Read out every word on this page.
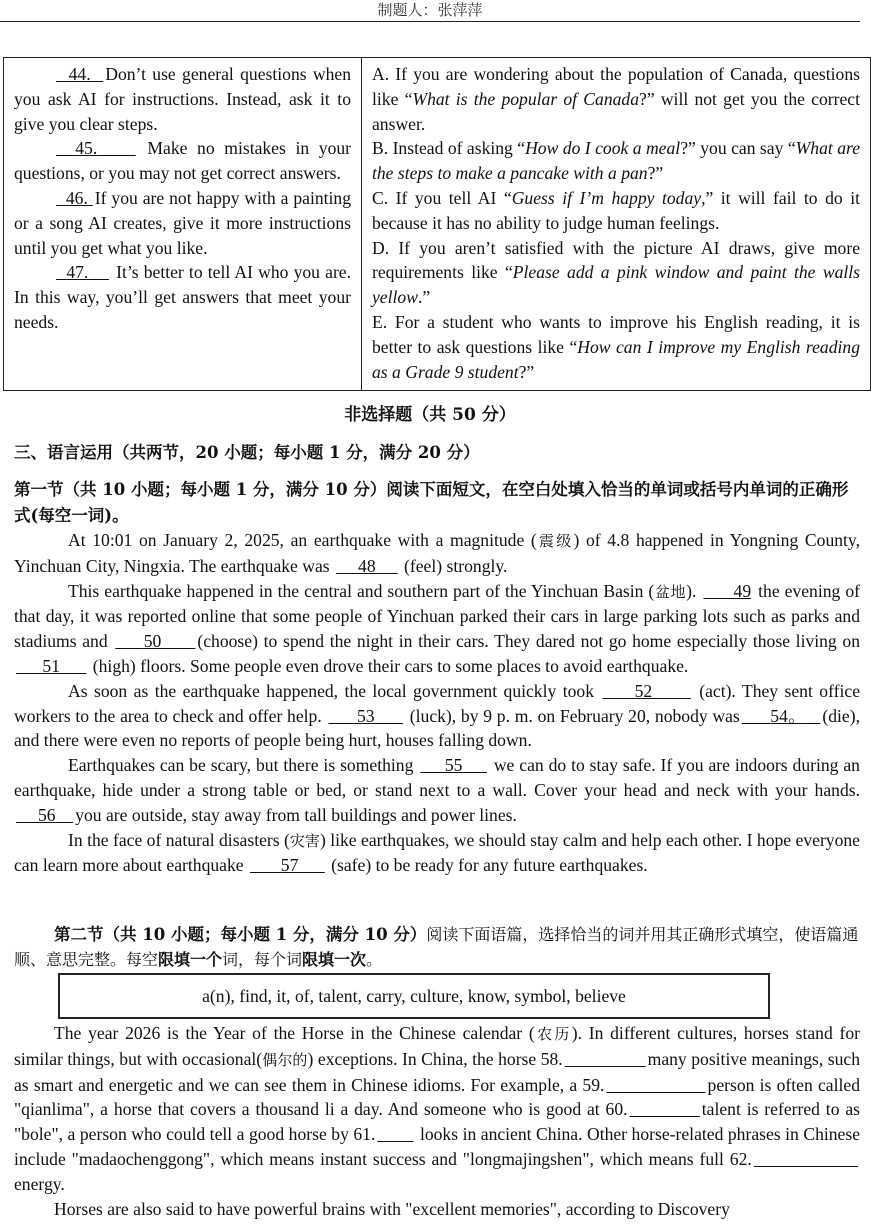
制题人：张萍萍

44. Don’t use general questions when you ask AI for instructions. Instead, ask it to give you clear steps.

45.	Make no mistakes in your questions, or you may not get correct answers.

46. If you are not happy with a painting or a song AI creates, give it more instructions until you get what you like.

47. It’s better to tell AI who you are. In this way, you’ll get answers that meet your needs.

A. If you are wondering about the population of Canada, questions like “What is the popular of Canada?” will not get you the correct answer.

B. Instead of asking “How do I cook a meal?” you can say “What are the steps to make a pancake with a pan?”

C. If you tell AI “Guess if I’m happy today,” it will fail to do it because it has no ability to judge human feelings.

D. If you aren’t satisfied with the picture AI draws, give more requirements like “Please add a pink window and paint the walls yellow.”

E. For a student who wants to improve his English reading, it is better to ask questions like “How can I improve my English reading as a Grade 9 student?”

非选择题（共 50 分）
三、语言运用（共两节，20 小题；每小题 1 分，满分 20 分）
第一节（共 10 小题；每小题 1 分，满分 10 分）阅读下面短文，在空白处填入恰当的单词或括号内单词的正确形式(每空一词)。

At 10:01 on January 2, 2025, an earthquake with a magnitude (震级) of 4.8 happened in Yongning County, Yinchuan City, Ningxia. The earthquake was      48      (feel) strongly.

This earthquake happened in the central and southern part of the Yinchuan Basin (盆地).       49 the evening of that day, it was reported online that some people of Yinchuan parked their cars in large parking lots such as parks and stadiums and      50 (choose) to spend the night in their cars. They dared not go home especially those living on       51       (high) floors. Some people even drove their cars to some places to avoid earthquake.

As soon as the earthquake happened, the local government quickly took      52       (act). They sent office workers to the area to check and offer help.       53       (luck), by 9 p. m. on February 20, nobody was 54。 (die), and there were even no reports of people being hurt, houses falling down.

Earthquakes can be scary, but there is something      55      we can do to stay safe. If you are indoors during an earthquake, hide under a strong table or bed, or stand next to a wall. Cover your head and neck with your hands.      56 you are outside, stay away from tall buildings and power lines.

In the face of natural disasters (灾害) like earthquakes, we should stay calm and help each other. I hope everyone can learn more about earthquake        57       (safe) to be ready for any future earthquakes.

第二节（共 10 小题；每小题 1 分，满分 10 分）阅读下面语篇，选择恰当的词并用其正确形式填空，使语篇通顺、意思完整。每空限填一个词，每个词限填一次。
a(n), find, it, of, talent, carry, culture, know, symbol, believe

The year 2026 is the Year of the Horse in the Chinese calendar (农历). In different cultures, horses stand for similar things, but with occasional(偶尔的) exceptions. In China, the horse 58.	many positive meanings, such as smart and energetic and we can see them in Chinese idioms. For example, a 59.	person is often called "qianlima", a horse that covers a thousand li a day. And someone who is good at 60.	talent is referred to as "bole", a person who could tell a good horse by 61.	looks in ancient China. Other horse-related phrases in Chinese include "madaochenggong", which means instant success and "longmajingshen", which means full 62.                   energy.

Horses are also said to have powerful brains with "excellent memories", according to Discovery
